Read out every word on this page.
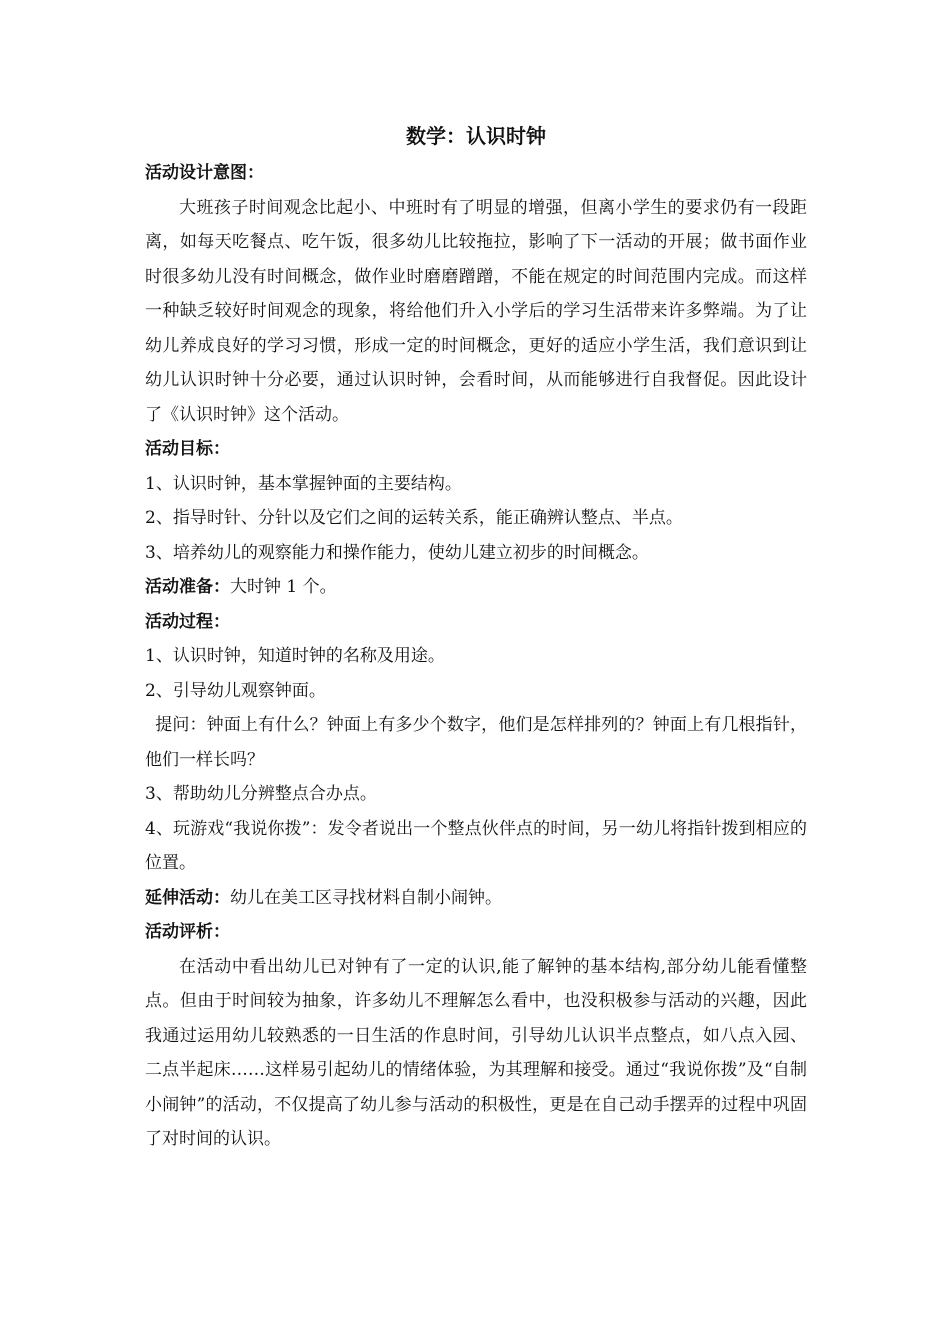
数学：认识时钟

活动设计意图：

大班孩子时间观念比起小、中班时有了明显的增强，但离小学生的要求仍有一段距离，如每天吃餐点、吃午饭，很多幼儿比较拖拉，影响了下一活动的开展；做书面作业时很多幼儿没有时间概念，做作业时磨磨蹭蹭，不能在规定的时间范围内完成。而这样一种缺乏较好时间观念的现象，将给他们升入小学后的学习生活带来许多弊端。为了让幼儿养成良好的学习习惯，形成一定的时间概念，更好的适应小学生活，我们意识到让幼儿认识时钟十分必要，通过认识时钟，会看时间，从而能够进行自我督促。因此设计了《认识时钟》这个活动。

活动目标：

1、认识时钟，基本掌握钟面的主要结构。

2、指导时针、分针以及它们之间的运转关系，能正确辨认整点、半点。

3、培养幼儿的观察能力和操作能力，使幼儿建立初步的时间概念。

活动准备：大时钟 1 个。

活动过程：

1、认识时钟，知道时钟的名称及用途。

2、引导幼儿观察钟面。

提问：钟面上有什么？钟面上有多少个数字，他们是怎样排列的？钟面上有几根指针，他们一样长吗？

3、帮助幼儿分辨整点合办点。

4、玩游戏“我说你拨”：发令者说出一个整点伙伴点的时间，另一幼儿将指针拨到相应的位置。

延伸活动：幼儿在美工区寻找材料自制小闹钟。

活动评析：

在活动中看出幼儿已对钟有了一定的认识,能了解钟的基本结构,部分幼儿能看懂整点。但由于时间较为抽象，许多幼儿不理解怎么看中，也没积极参与活动的兴趣，因此我通过运用幼儿较熟悉的一日生活的作息时间，引导幼儿认识半点整点，如八点入园、二点半起床……这样易引起幼儿的情绪体验，为其理解和接受。通过“我说你拨”及“自制小闹钟”的活动，不仅提高了幼儿参与活动的积极性，更是在自己动手摆弄的过程中巩固了对时间的认识。
